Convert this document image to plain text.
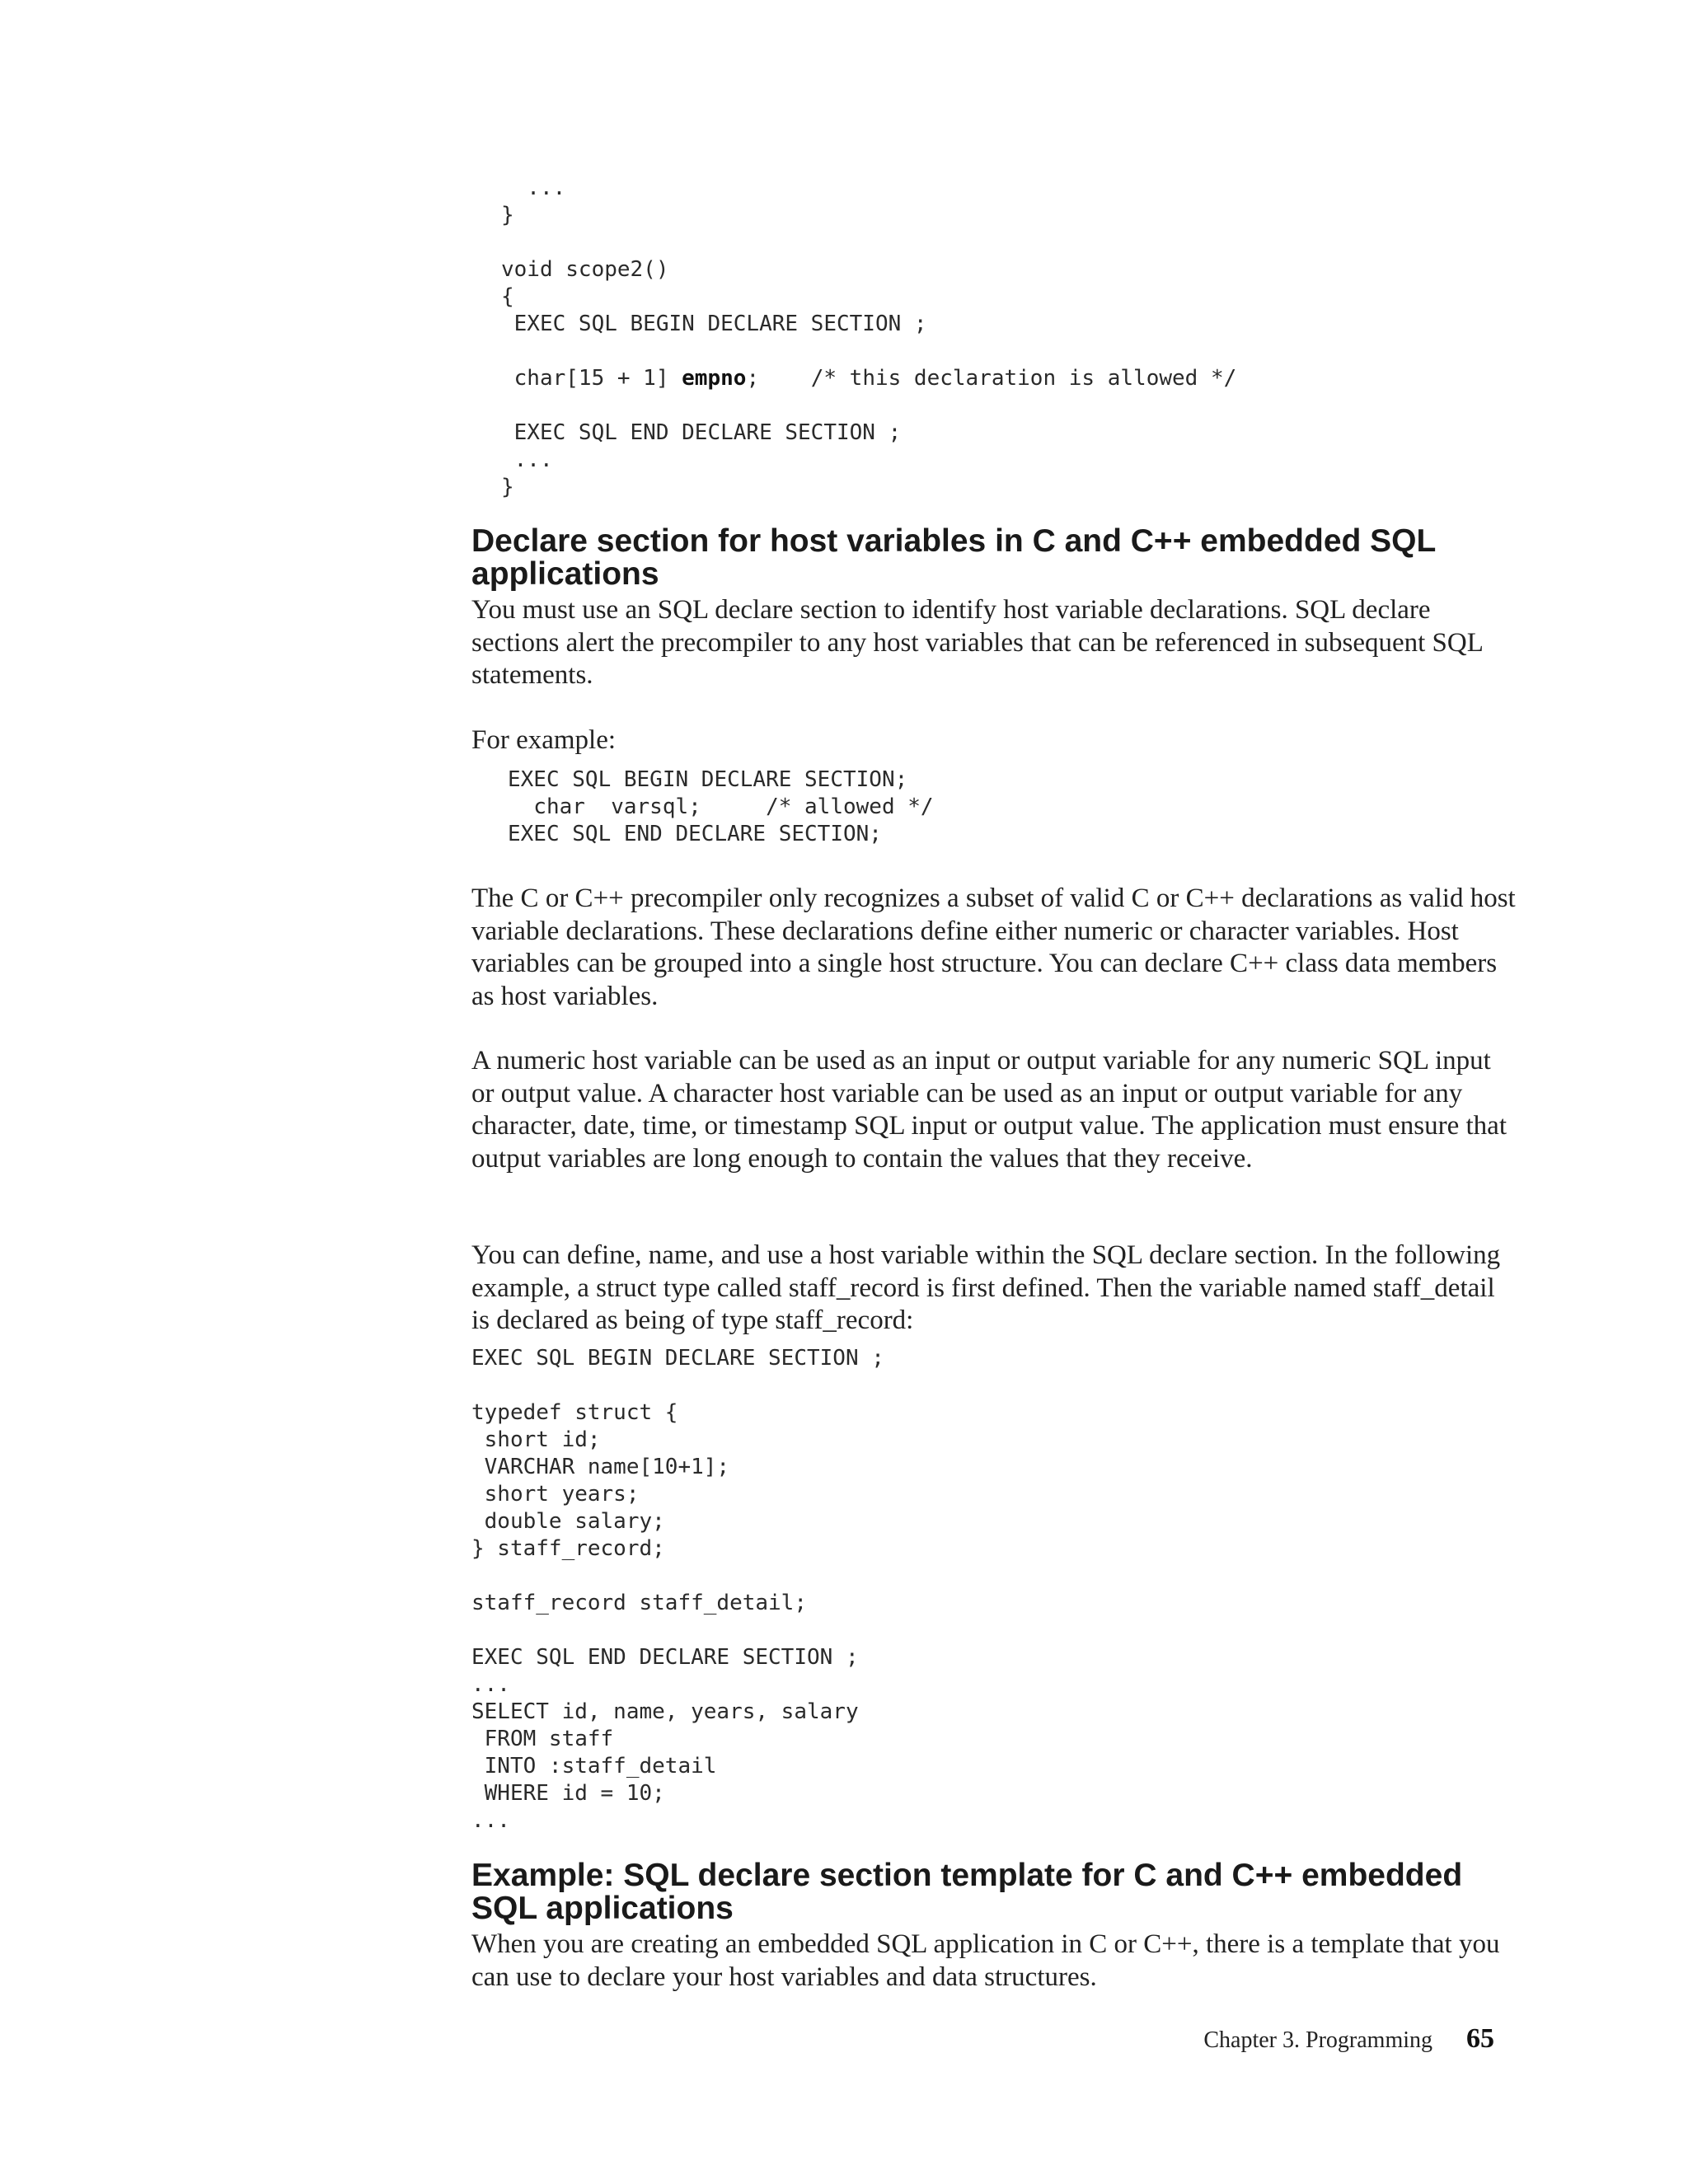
...
}

void scope2()
{
EXEC SQL BEGIN DECLARE SECTION ;

char[15 + 1] empno;    /* this declaration is allowed */

EXEC SQL END DECLARE SECTION ;
...
}
Declare section for host variables in C and C++ embedded SQL applications

You must use an SQL declare section to identify host variable declarations. SQL declare sections alert the precompiler to any host variables that can be referenced in subsequent SQL statements.

For example:

EXEC SQL BEGIN DECLARE SECTION;
char  varsql;     /* allowed */
EXEC SQL END DECLARE SECTION;

The C or C++ precompiler only recognizes a subset of valid C or C++ declarations as valid host variable declarations. These declarations define either numeric or character variables. Host variables can be grouped into a single host structure. You can declare C++ class data members as host variables.

A numeric host variable can be used as an input or output variable for any numeric SQL input or output value. A character host variable can be used as an input or output variable for any character, date, time, or timestamp SQL input or output value. The application must ensure that output variables are long enough to contain the values that they receive.

You can define, name, and use a host variable within the SQL declare section. In the following example, a struct type called staff_record is first defined. Then the variable named staff_detail is declared as being of type staff_record:

EXEC SQL BEGIN DECLARE SECTION ;

typedef struct {
short id;
VARCHAR name[10+1];
short years;
double salary;
} staff_record;

staff_record staff_detail;

EXEC SQL END DECLARE SECTION ;
...
SELECT id, name, years, salary
FROM staff
INTO :staff_detail
WHERE id = 10;
...
Example: SQL declare section template for C and C++ embedded SQL applications

When you are creating an embedded SQL application in C or C++, there is a template that you can use to declare your host variables and data structures.

Chapter 3. Programming 65
